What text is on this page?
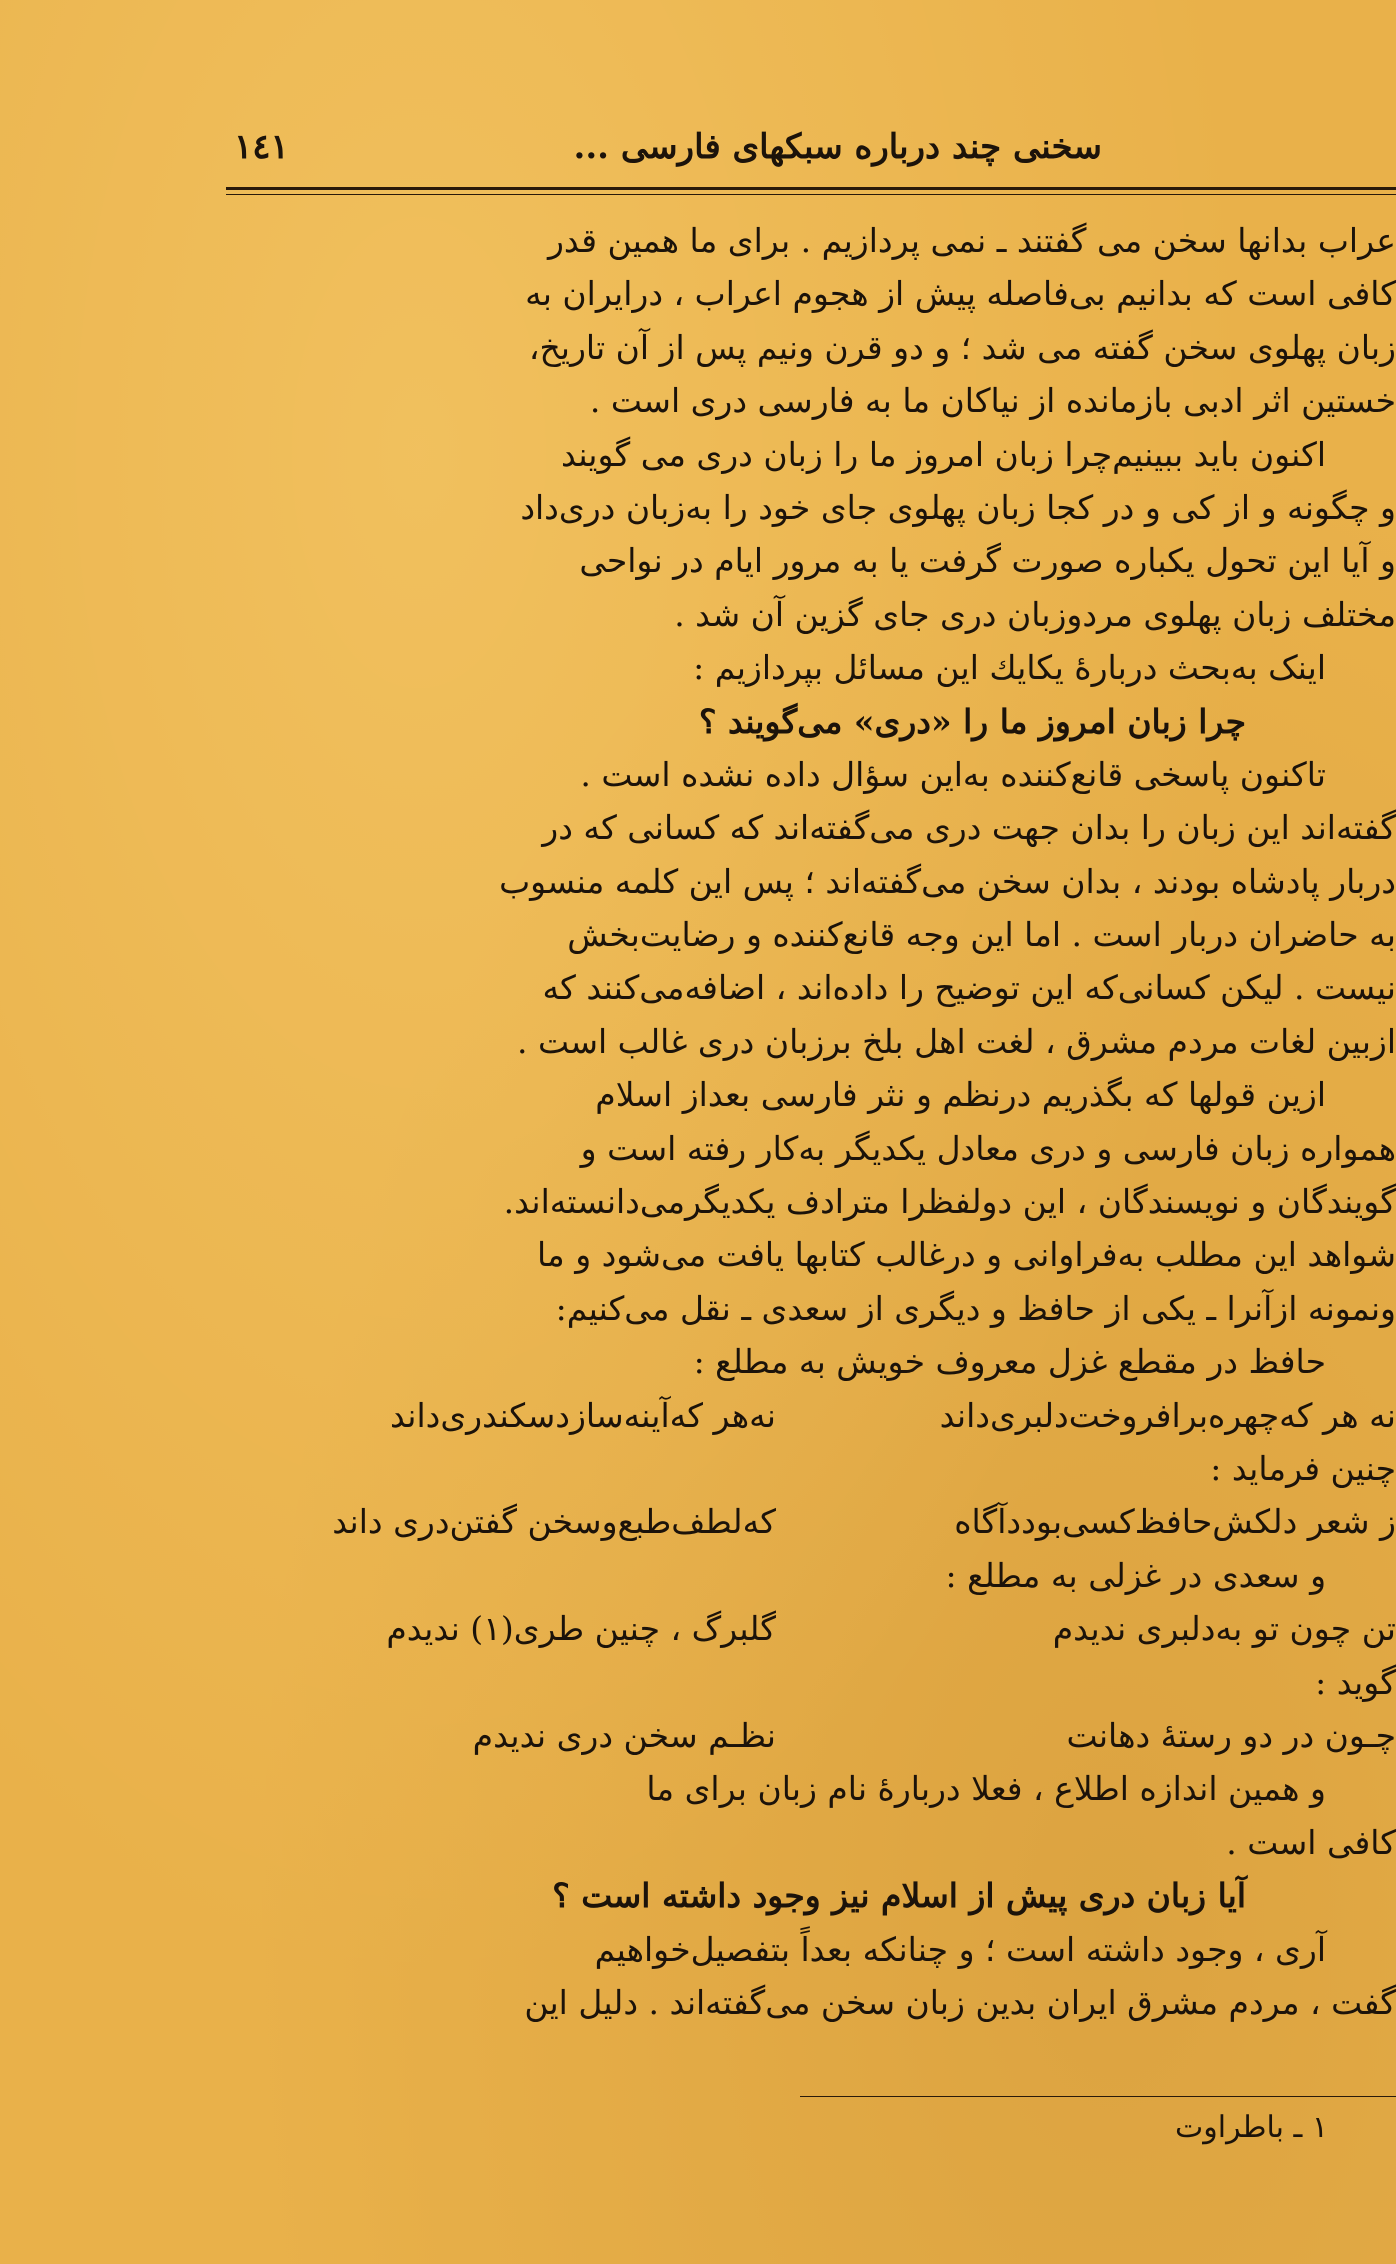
١٤١	سخنی چند درباره سبکهای فارسی ...
عراب بدانها سخن می گفتند ـ نمی پردازیم . برای ما همین قدر
کافی است که بدانیم بی‌فاصله پیش از هجوم اعراب ، درایران به
زبان پهلوی سخن گفته می شد ؛ و دو قرن ونیم پس از آن تاریخ،
خستین اثر ادبی بازمانده از نیاکان ما به فارسی دری است .
اکنون باید ببینیم‌چرا زبان امروز ما را زبان دری می گویند
و چگونه و از کی و در کجا زبان پهلوی جای خود را به‌زبان دری‌داد
و آیا این تحول یکباره صورت گرفت یا به مرور ایام در نواحی
مختلف زبان پهلوی مردوزبان دری جای گزین آن شد .
اینک به‌بحث دربارهٔ یکایك این مسائل بپردازیم :
چرا زبان امروز ما را «دری» می‌گویند ؟
تاکنون پاسخی قانع‌کننده به‌این سؤال داده نشده است .
گفته‌اند این زبان را بدان جهت دری می‌گفته‌اند که کسانی که در
دربار پادشاه بودند ، بدان سخن می‌گفته‌اند ؛ پس این کلمه منسوب
به حاضران دربار است . اما این وجه قانع‌کننده و رضایت‌بخش
نیست . لیکن کسانی‌که این توضیح را داده‌اند ، اضافه‌می‌کنند که
ازبین لغات مردم مشرق ، لغت اهل بلخ برزبان دری غالب است .
ازین قولها که بگذریم درنظم و نثر فارسی بعداز اسلام
همواره زبان فارسی و دری معادل یکدیگر به‌کار رفته است و
گویندگان و نویسندگان ، این دولفظرا مترادف یکدیگرمی‌دانسته‌اند.
شواهد این مطلب به‌فراوانی و درغالب کتابها یافت می‌شود و ما
ونمونه ازآنرا ـ یکی از حافظ و دیگری از سعدی ـ نقل می‌کنیم:
حافظ در مقطع غزل معروف خویش به مطلع :
نه هر که‌چهره‌برافروخت‌دلبری‌داند
نه‌هر که‌آینه‌سازدسکندری‌داند
چنین فرماید :
ز شعر دلکش‌حافظ‌کسی‌بوددآگاه
که‌لطف‌طبع‌وسخن گفتن‌دری داند
و سعدی در غزلی به مطلع :
تن چون تو به‌دلبری ندیدم
گلبرگ ، چنین طری(١) ندیدم
گوید :
چـون در دو رستهٔ دهانت
نظـم سخن دری ندیدم
و همین اندازه اطلاع ، فعلا دربارهٔ نام زبان برای ما
کافی است .
آیا زبان دری پیش از اسلام نیز وجود داشته است ؟
آری ، وجود داشته است ؛ و چنانکه بعداً بتفصیل‌خواهیم
گفت ، مردم مشرق ایران بدین زبان سخن می‌گفته‌اند . دلیل این
١ ـ باطراوت
